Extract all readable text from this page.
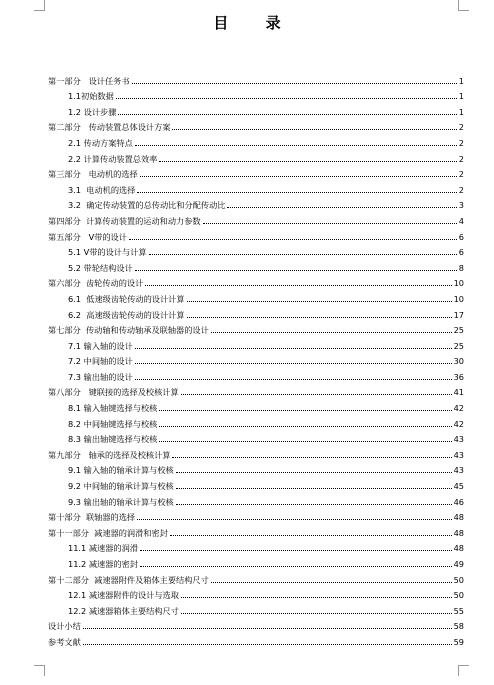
目 录
第一部分 设计任务书	1
1.1初始数据	1
1.2 设计步骤	1
第二部分 传动装置总体设计方案	2
2.1 传动方案特点	2
2.2 计算传动装置总效率	2
第三部分 电动机的选择	2
3.1 电动机的选择	2
3.2 确定传动装置的总传动比和分配传动比	3
第四部分 计算传动装置的运动和动力参数	4
第五部分 V带的设计	6
5.1 V带的设计与计算	6
5.2 带轮结构设计	8
第六部分 齿轮传动的设计	10
6.1 低速级齿轮传动的设计计算	10
6.2 高速级齿轮传动的设计计算	17
第七部分 传动轴和传动轴承及联轴器的设计	25
7.1 输入轴的设计	25
7.2 中间轴的设计	30
7.3 输出轴的设计	36
第八部分 键联接的选择及校核计算	41
8.1 输入轴键选择与校核	42
8.2 中间轴键选择与校核	42
8.3 输出轴键选择与校核	43
第九部分 轴承的选择及校核计算	43
9.1 输入轴的轴承计算与校核	43
9.2 中间轴的轴承计算与校核	45
9.3 输出轴的轴承计算与校核	46
第十部分 联轴器的选择	48
第十一部分 减速器的润滑和密封	48
11.1 减速器的润滑	48
11.2 减速器的密封	49
第十二部分 减速器附件及箱体主要结构尺寸	50
12.1 减速器附件的设计与选取	50
12.2 减速器箱体主要结构尺寸	55
设计小结	58
参考文献	59
